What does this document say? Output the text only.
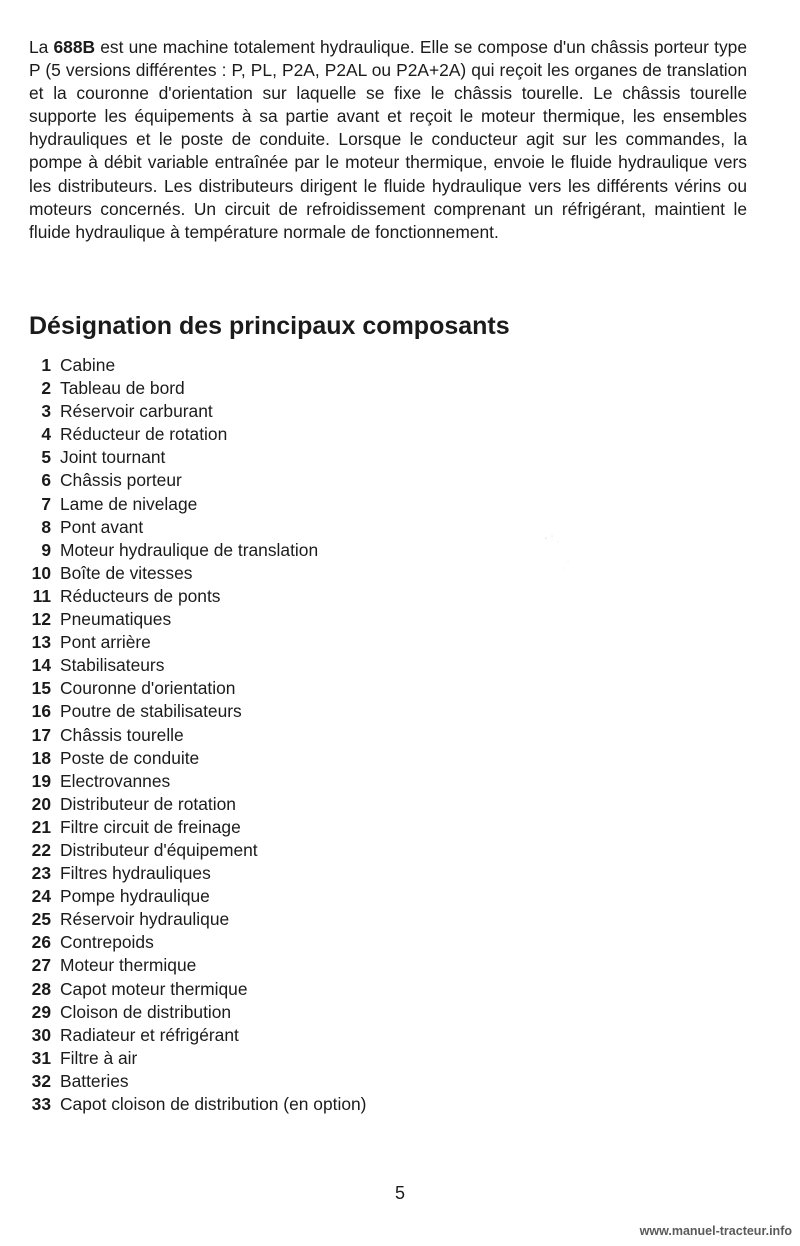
La 688B est une machine totalement hydraulique. Elle se compose d'un châssis porteur type P (5 versions différentes : P, PL, P2A, P2AL ou P2A+2A) qui reçoit les organes de translation et la couronne d'orientation sur laquelle se fixe le châssis tourelle. Le châssis tourelle supporte les équipements à sa partie avant et reçoit le moteur thermique, les ensembles hydrauliques et le poste de conduite. Lorsque le conducteur agit sur les commandes, la pompe à débit variable entraînée par le moteur thermique, envoie le fluide hydraulique vers les distributeurs. Les distributeurs dirigent le fluide hydraulique vers les différents vérins ou moteurs concernés. Un circuit de refroidissement comprenant un réfrigérant, maintient le fluide hydraulique à température normale de fonctionnement.

Désignation des principaux composants
1 Cabine
2 Tableau de bord
3 Réservoir carburant
4 Réducteur de rotation
5 Joint tournant
6 Châssis porteur
7 Lame de nivelage
8 Pont avant
9 Moteur hydraulique de translation
10 Boîte de vitesses
11 Réducteurs de ponts
12 Pneumatiques
13 Pont arrière
14 Stabilisateurs
15 Couronne d'orientation
16 Poutre de stabilisateurs
17 Châssis tourelle
18 Poste de conduite
19 Electrovannes
20 Distributeur de rotation
21 Filtre circuit de freinage
22 Distributeur d'équipement
23 Filtres hydrauliques
24 Pompe hydraulique
25 Réservoir hydraulique
26 Contrepoids
27 Moteur thermique
28 Capot moteur thermique
29 Cloison de distribution
30 Radiateur et réfrigérant
31 Filtre à air
32 Batteries
33 Capot cloison de distribution (en option)
5
www.manuel-tracteur.info
